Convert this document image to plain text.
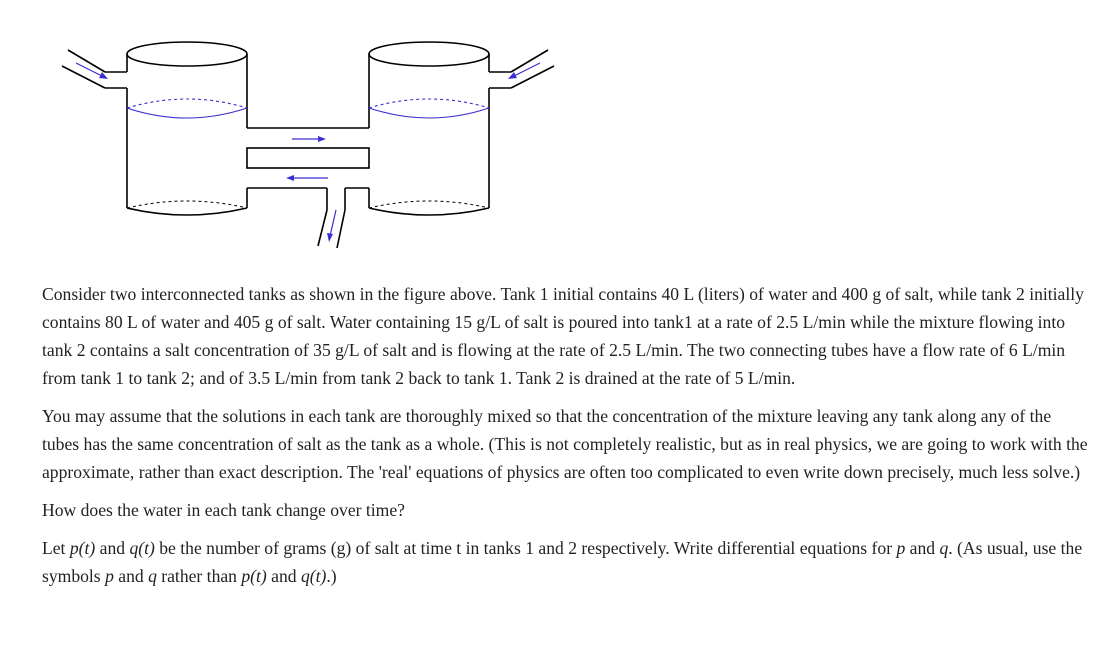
Consider two interconnected tanks as shown in the figure above. Tank 1 initial contains 40 L (liters) of water and 400 g of salt, while tank 2 initially contains 80 L of water and 405 g of salt. Water containing 15 g/L of salt is poured into tank1 at a rate of 2.5 L/min while the mixture flowing into tank 2 contains a salt concentration of 35 g/L of salt and is flowing at the rate of 2.5 L/min. The two connecting tubes have a flow rate of 6 L/min from tank 1 to tank 2; and of 3.5 L/min from tank 2 back to tank 1. Tank 2 is drained at the rate of 5 L/min.

You may assume that the solutions in each tank are thoroughly mixed so that the concentration of the mixture leaving any tank along any of the tubes has the same concentration of salt as the tank as a whole. (This is not completely realistic, but as in real physics, we are going to work with the approximate, rather than exact description. The 'real' equations of physics are often too complicated to even write down precisely, much less solve.)

How does the water in each tank change over time?

Let p(t) and q(t) be the number of grams (g) of salt at time t in tanks 1 and 2 respectively. Write differential equations for p and q. (As usual, use the symbols p and q rather than p(t) and q(t).)
